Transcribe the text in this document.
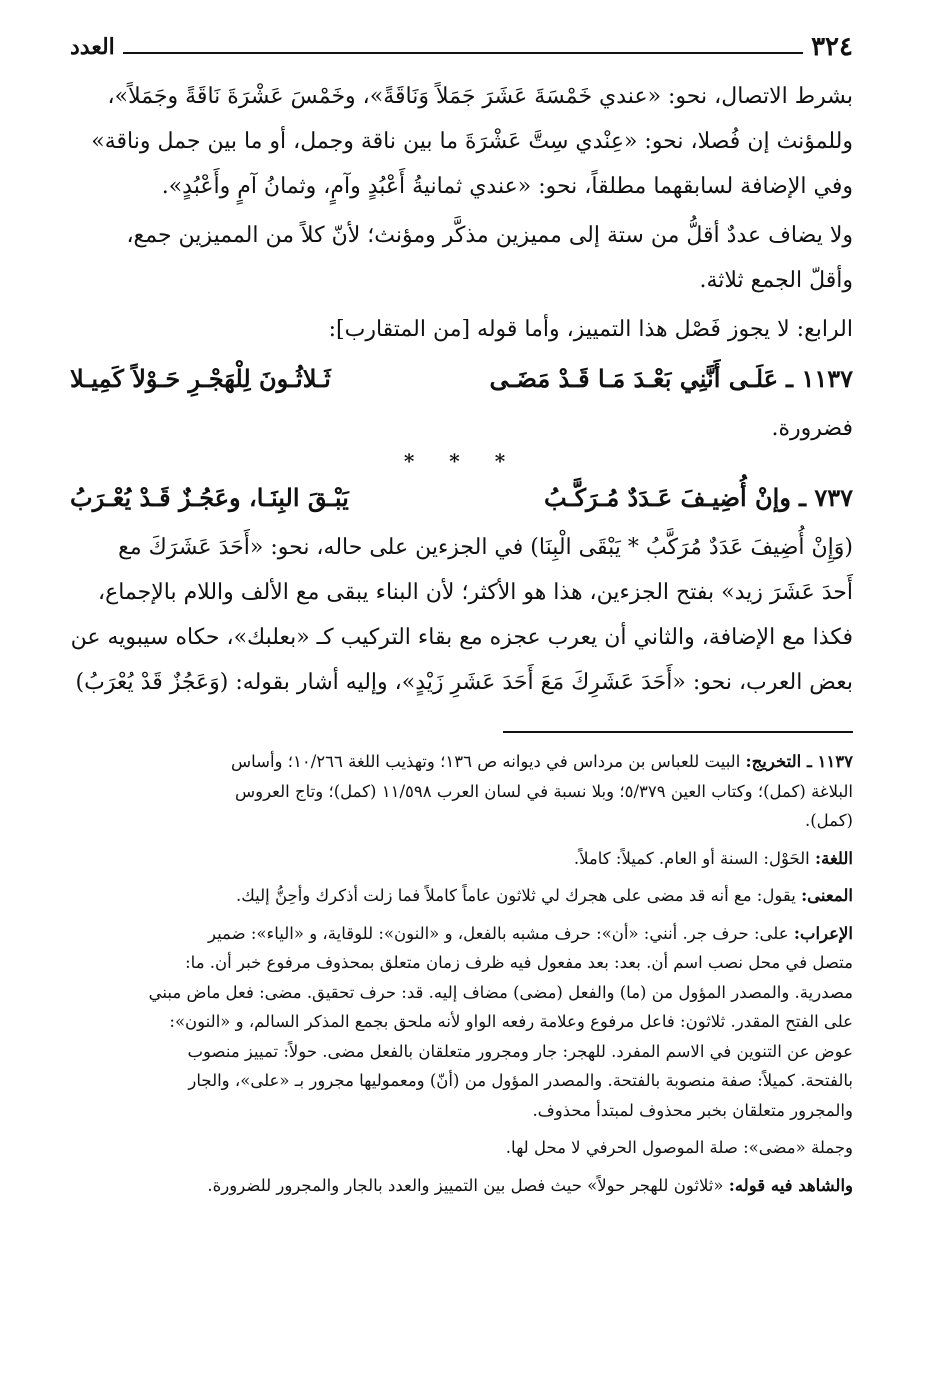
٣٢٤
العدد

بشرط الاتصال، نحو: «عندي خَمْسَةَ عَشَرَ جَمَلاً وَنَاقَةً»، وخَمْسَ عَشْرَةَ نَاقَةً وجَمَلاً»،

وللمؤنث إن فُصلا، نحو: «عِنْدي سِتَّ عَشْرَةَ ما بين ناقة وجمل، أو ما بين جمل وناقة»

وفي الإضافة لسابقهما مطلقاً، نحو: «عندي ثمانيةُ أَعْبُدٍ وآمٍ، وثمانُ آمٍ وأَعْبُدٍ».

ولا يضاف عددٌ أقلُّ من ستة إلى مميزين مذكَّر ومؤنث؛ لأنّ كلاً من المميزين جمع،

وأقلّ الجمع ثلاثة.

الرابع: لا يجوز فَصْل هذا التمييز، وأما قوله [من المتقارب]:

١١٣٧ ـ
عَلَـى أَنَّنِي بَعْـدَ مَـا قَـدْ مَضَـى
ثَـلاثُـونَ لِلْهَجْـرِ حَـوْلاً كَمِيـلا

فضرورة.

* * *
٧٣٧ ـ
وإنْ أُضِيـفَ عَـدَدٌ مُـرَكَّـبُ
يَبْـقَ البِنَـا، وعَجُـزٌ قَـدْ يُعْـرَبُ

(وَإِنْ أُضِيفَ عَدَدٌ مُرَكَّبُ * يَبْقَى الْبِنَا) في الجزءين على حاله، نحو: «أَحَدَ عَشَرَكَ مع

أَحدَ عَشَرَ زيد» بفتح الجزءين، هذا هو الأكثر؛ لأن البناء يبقى مع الألف واللام بالإجماع،

فكذا مع الإضافة، والثاني أن يعرب عجزه مع بقاء التركيب كـ «بعلبك»، حكاه سيبويه عن

بعض العرب، نحو: «أَحَدَ عَشَرِكَ مَعَ أَحَدَ عَشَرِ زَيْدٍ»، وإليه أشار بقوله: (وَعَجُزٌ قَدْ يُعْرَبُ)

١١٣٧ ـ التخريج: البيت للعباس بن مرداس في ديوانه ص ١٣٦؛ وتهذيب اللغة ١٠/٢٦٦؛ وأساس

البلاغة (كمل)؛ وكتاب العين ٥/٣٧٩؛ وبلا نسبة في لسان العرب ١١/٥٩٨ (كمل)؛ وتاج العروس

(كمل).

اللغة: الحَوْل: السنة أو العام. كميلاً: كاملاً.

المعنى: يقول: مع أنه قد مضى على هجرك لي ثلاثون عاماً كاملاً فما زلت أذكرك وأحِنُّ إليك.

الإعراب: على: حرف جر. أنني: «أن»: حرف مشبه بالفعل، و «النون»: للوقاية، و «الياء»: ضمير

متصل في محل نصب اسم أن. بعد: بعد مفعول فيه ظرف زمان متعلق بمحذوف مرفوع خبر أن. ما:

مصدرية. والمصدر المؤول من (ما) والفعل (مضى) مضاف إليه. قد: حرف تحقيق. مضى: فعل ماض مبني

على الفتح المقدر. ثلاثون: فاعل مرفوع وعلامة رفعه الواو لأنه ملحق بجمع المذكر السالم، و «النون»:

عوض عن التنوين في الاسم المفرد. للهجر: جار ومجرور متعلقان بالفعل مضى. حولاً: تمييز منصوب

بالفتحة. كميلاً: صفة منصوبة بالفتحة. والمصدر المؤول من (أنّ) ومعموليها مجرور بـ «على»، والجار

والمجرور متعلقان بخبر محذوف لمبتدأ محذوف.

وجملة «مضى»: صلة الموصول الحرفي لا محل لها.

والشاهد فيه قوله: «ثلاثون للهجر حولاً» حيث فصل بين التمييز والعدد بالجار والمجرور للضرورة.
